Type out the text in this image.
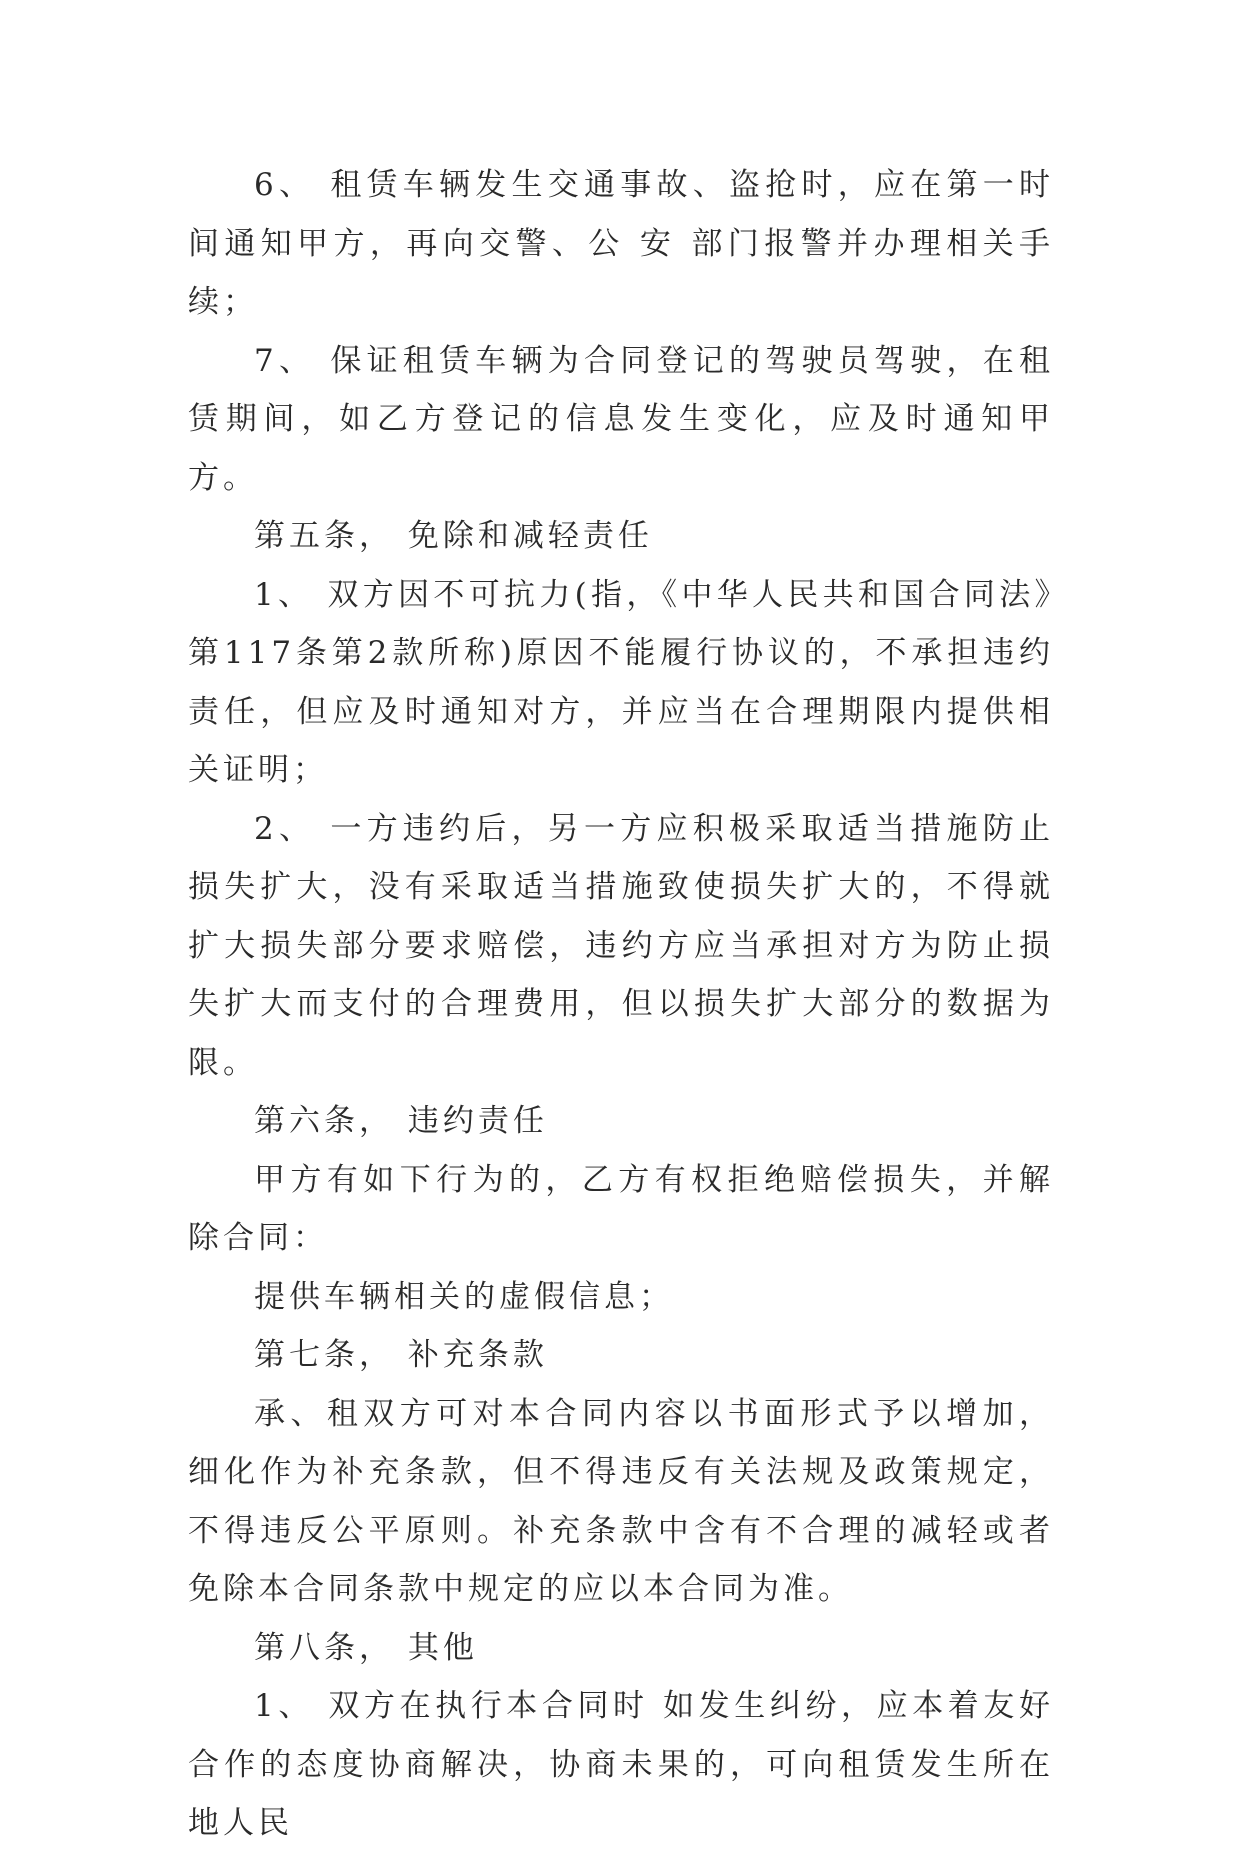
6、 租赁车辆发生交通事故、盗抢时，应在第一时间通知甲方，再向交警、公 安 部门报警并办理相关手续；

7、 保证租赁车辆为合同登记的驾驶员驾驶，在租赁期间，如乙方登记的信息发生变化，应及时通知甲方。

第五条， 免除和减轻责任

1、 双方因不可抗力(指，《中华人民共和国合同法》第117条第2款所称)原因不能履行协议的，不承担违约责任，但应及时通知对方，并应当在合理期限内提供相关证明；

2、 一方违约后，另一方应积极采取适当措施防止损失扩大，没有采取适当措施致使损失扩大的，不得就扩大损失部分要求赔偿，违约方应当承担对方为防止损失扩大而支付的合理费用，但以损失扩大部分的数据为限。

第六条， 违约责任

甲方有如下行为的，乙方有权拒绝赔偿损失，并解除合同：

提供车辆相关的虚假信息；

第七条， 补充条款

承、租双方可对本合同内容以书面形式予以增加，细化作为补充条款，但不得违反有关法规及政策规定，不得违反公平原则。补充条款中含有不合理的减轻或者免除本合同条款中规定的应以本合同为准。

第八条， 其他

1、 双方在执行本合同时 如发生纠纷，应本着友好合作的态度协商解决，协商未果的，可向租赁发生所在地人民
